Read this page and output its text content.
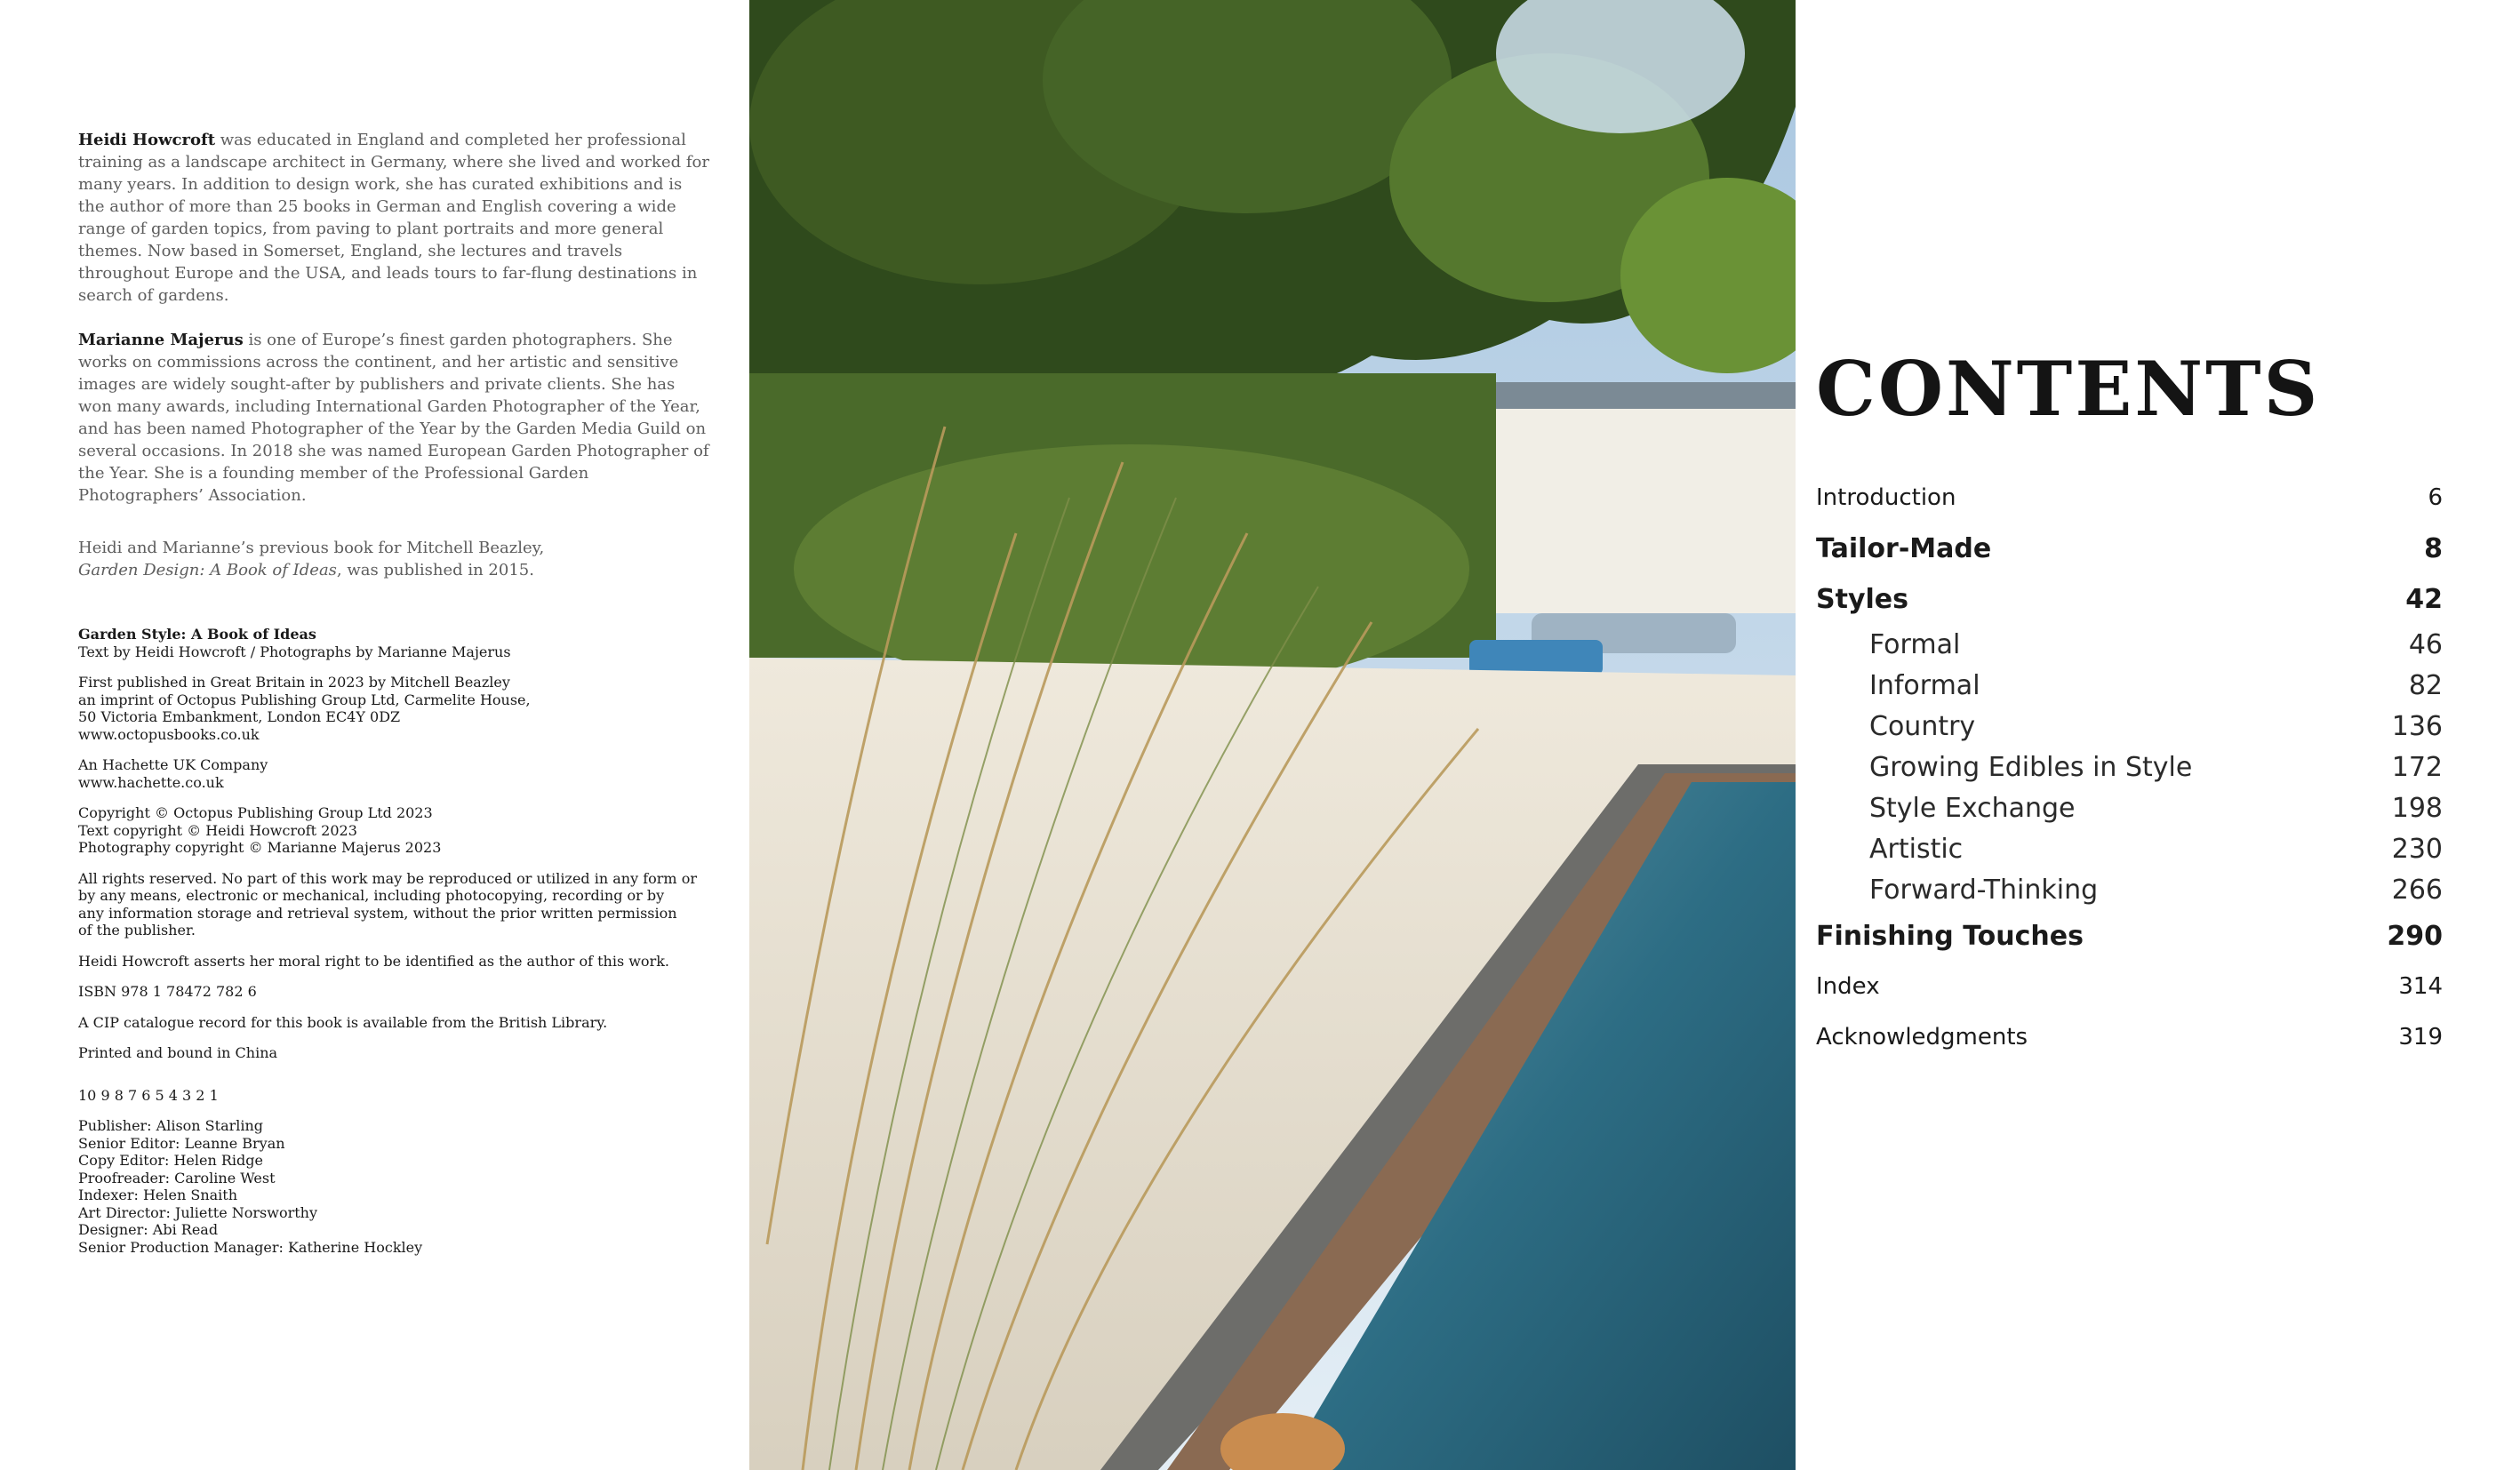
Heidi Howcroft was educated in England and completed her professional training as a landscape architect in Germany, where she lived and worked for many years. In addition to design work, she has curated exhibitions and is the author of more than 25 books in German and English covering a wide range of garden topics, from paving to plant portraits and more general themes. Now based in Somerset, England, she lectures and travels throughout Europe and the USA, and leads tours to far-flung destinations in search of gardens.

Marianne Majerus is one of Europe’s finest garden photographers. She works on commissions across the continent, and her artistic and sensitive images are widely sought-after by publishers and private clients. She has won many awards, including International Garden Photographer of the Year, and has been named Photographer of the Year by the Garden Media Guild on several occasions. In 2018 she was named European Garden Photographer of the Year. She is a founding member of the Professional Garden Photographers’ Association.

Heidi and Marianne’s previous book for Mitchell Beazley,
Garden Design: A Book of Ideas, was published in 2015.

Garden Style: A Book of Ideas
Text by Heidi Howcroft / Photographs by Marianne Majerus
First published in Great Britain in 2023 by Mitchell Beazley
an imprint of Octopus Publishing Group Ltd, Carmelite House,
50 Victoria Embankment, London EC4Y 0DZ
www.octopusbooks.co.uk
An Hachette UK Company
www.hachette.co.uk
Copyright © Octopus Publishing Group Ltd 2023
Text copyright © Heidi Howcroft 2023
Photography copyright © Marianne Majerus 2023
All rights reserved. No part of this work may be reproduced or utilized in any form or
by any means, electronic or mechanical, including photocopying, recording or by
any information storage and retrieval system, without the prior written permission
of the publisher.
Heidi Howcroft asserts her moral right to be identified as the author of this work.
ISBN 978 1 78472 782 6
A CIP catalogue record for this book is available from the British Library.
Printed and bound in China
10 9 8 7 6 5 4 3 2 1
Publisher: Alison Starling
Senior Editor: Leanne Bryan
Copy Editor: Helen Ridge
Proofreader: Caroline West
Indexer: Helen Snaith
Art Director: Juliette Norsworthy
Designer: Abi Read
Senior Production Manager: Katherine Hockley
CONTENTS
Introduction	6
Tailor-Made	8
Styles	42
Formal	46
Informal	82
Country	136
Growing Edibles in Style	172
Style Exchange	198
Artistic	230
Forward-Thinking	266
Finishing Touches	290
Index	314
Acknowledgments	319
